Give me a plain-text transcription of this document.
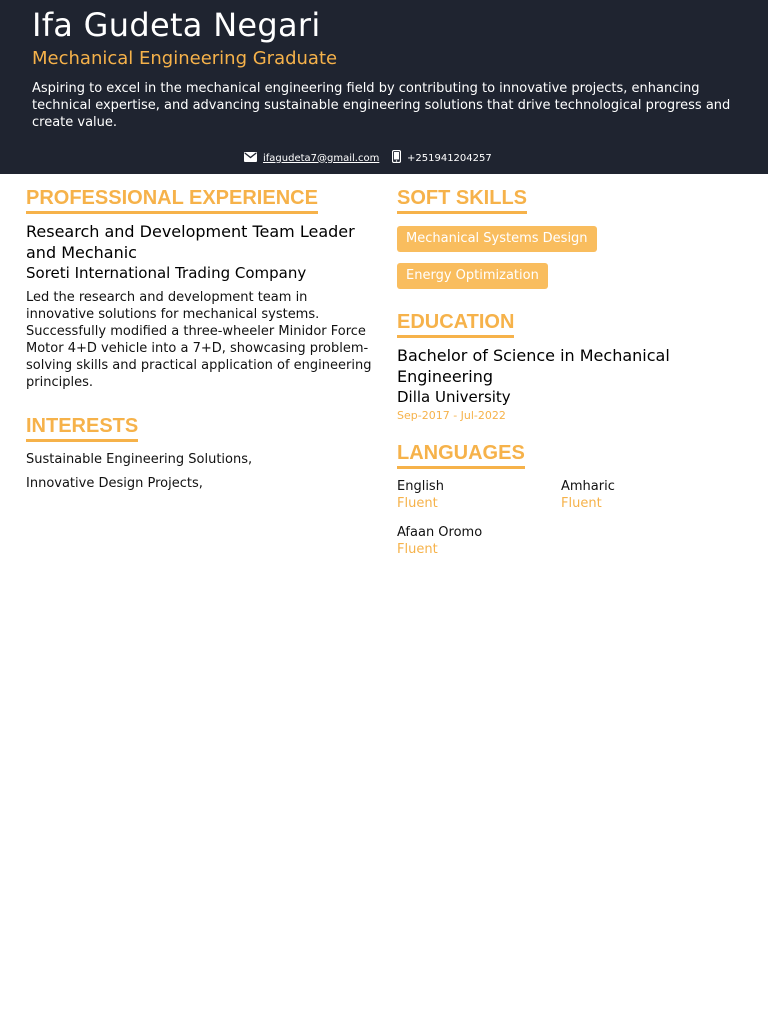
Ifa Gudeta Negari
Mechanical Engineering Graduate
Aspiring to excel in the mechanical engineering field by contributing to innovative projects, enhancing technical expertise, and advancing sustainable engineering solutions that drive technological progress and create value.
ifagudeta7@gmail.com	+251941204257
PROFESSIONAL EXPERIENCE
Research and Development Team Leader and Mechanic
Soreti International Trading Company
Led the research and development team in innovative solutions for mechanical systems. Successfully modified a three-wheeler Minidor Force Motor 4+D vehicle into a 7+D, showcasing problem-solving skills and practical application of engineering principles.
INTERESTS
Sustainable Engineering Solutions,
Innovative Design Projects,
SOFT SKILLS
Mechanical Systems Design
Energy Optimization
EDUCATION
Bachelor of Science in Mechanical Engineering
Dilla University
Sep-2017 - Jul-2022
LANGUAGES
English
Fluent
Amharic
Fluent
Afaan Oromo
Fluent
